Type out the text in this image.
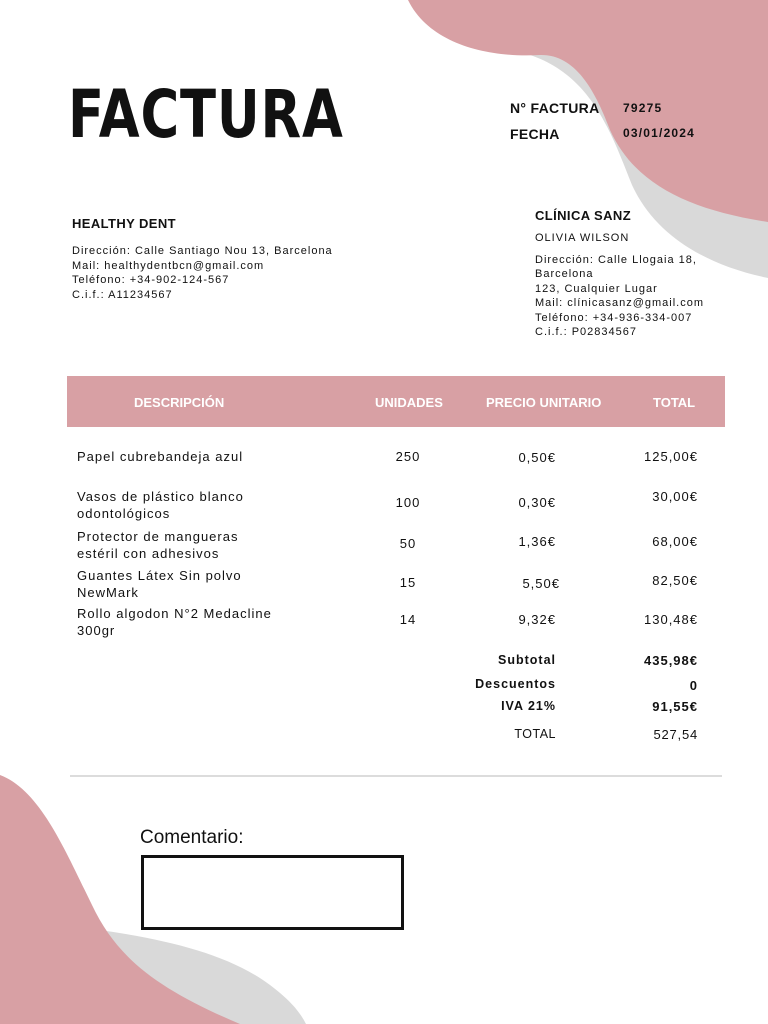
FACTURA	N° FACTURA 79275
FECHA	03/01/2024
HEALTHY DENT
Dirección: Calle Santiago Nou 13, Barcelona
Mail: healthydentbcn@gmail.com
Teléfono: +34-902-124-567
C.i.f.: A11234567
CLÍNICA SANZ
OLIVIA WILSON
Dirección: Calle Llogaia 18,
Barcelona
123, Cualquier Lugar
Mail: clínicasanz@gmail.com
Teléfono: +34-936-334-007
C.i.f.: P02834567
DESCRIPCIÓN	UNIDADES	PRECIO UNITARIO	TOTAL
Papel cubrebandeja azul	250	0,50€	125,00€
Vasos de plástico blanco
odontológicos
100	0,30€	30,00€
Protector de mangueras
estéril con adhesivos
50	1,36€	68,00€
Guantes Látex Sin polvo
NewMark
15	5,50€	82,50€
Rollo algodon N°2 Medacline
300gr
14	9,32€	130,48€
Subtotal	435,98€
Descuentos	0
IVA 21%	91,55€
TOTAL	527,54
Comentario:
